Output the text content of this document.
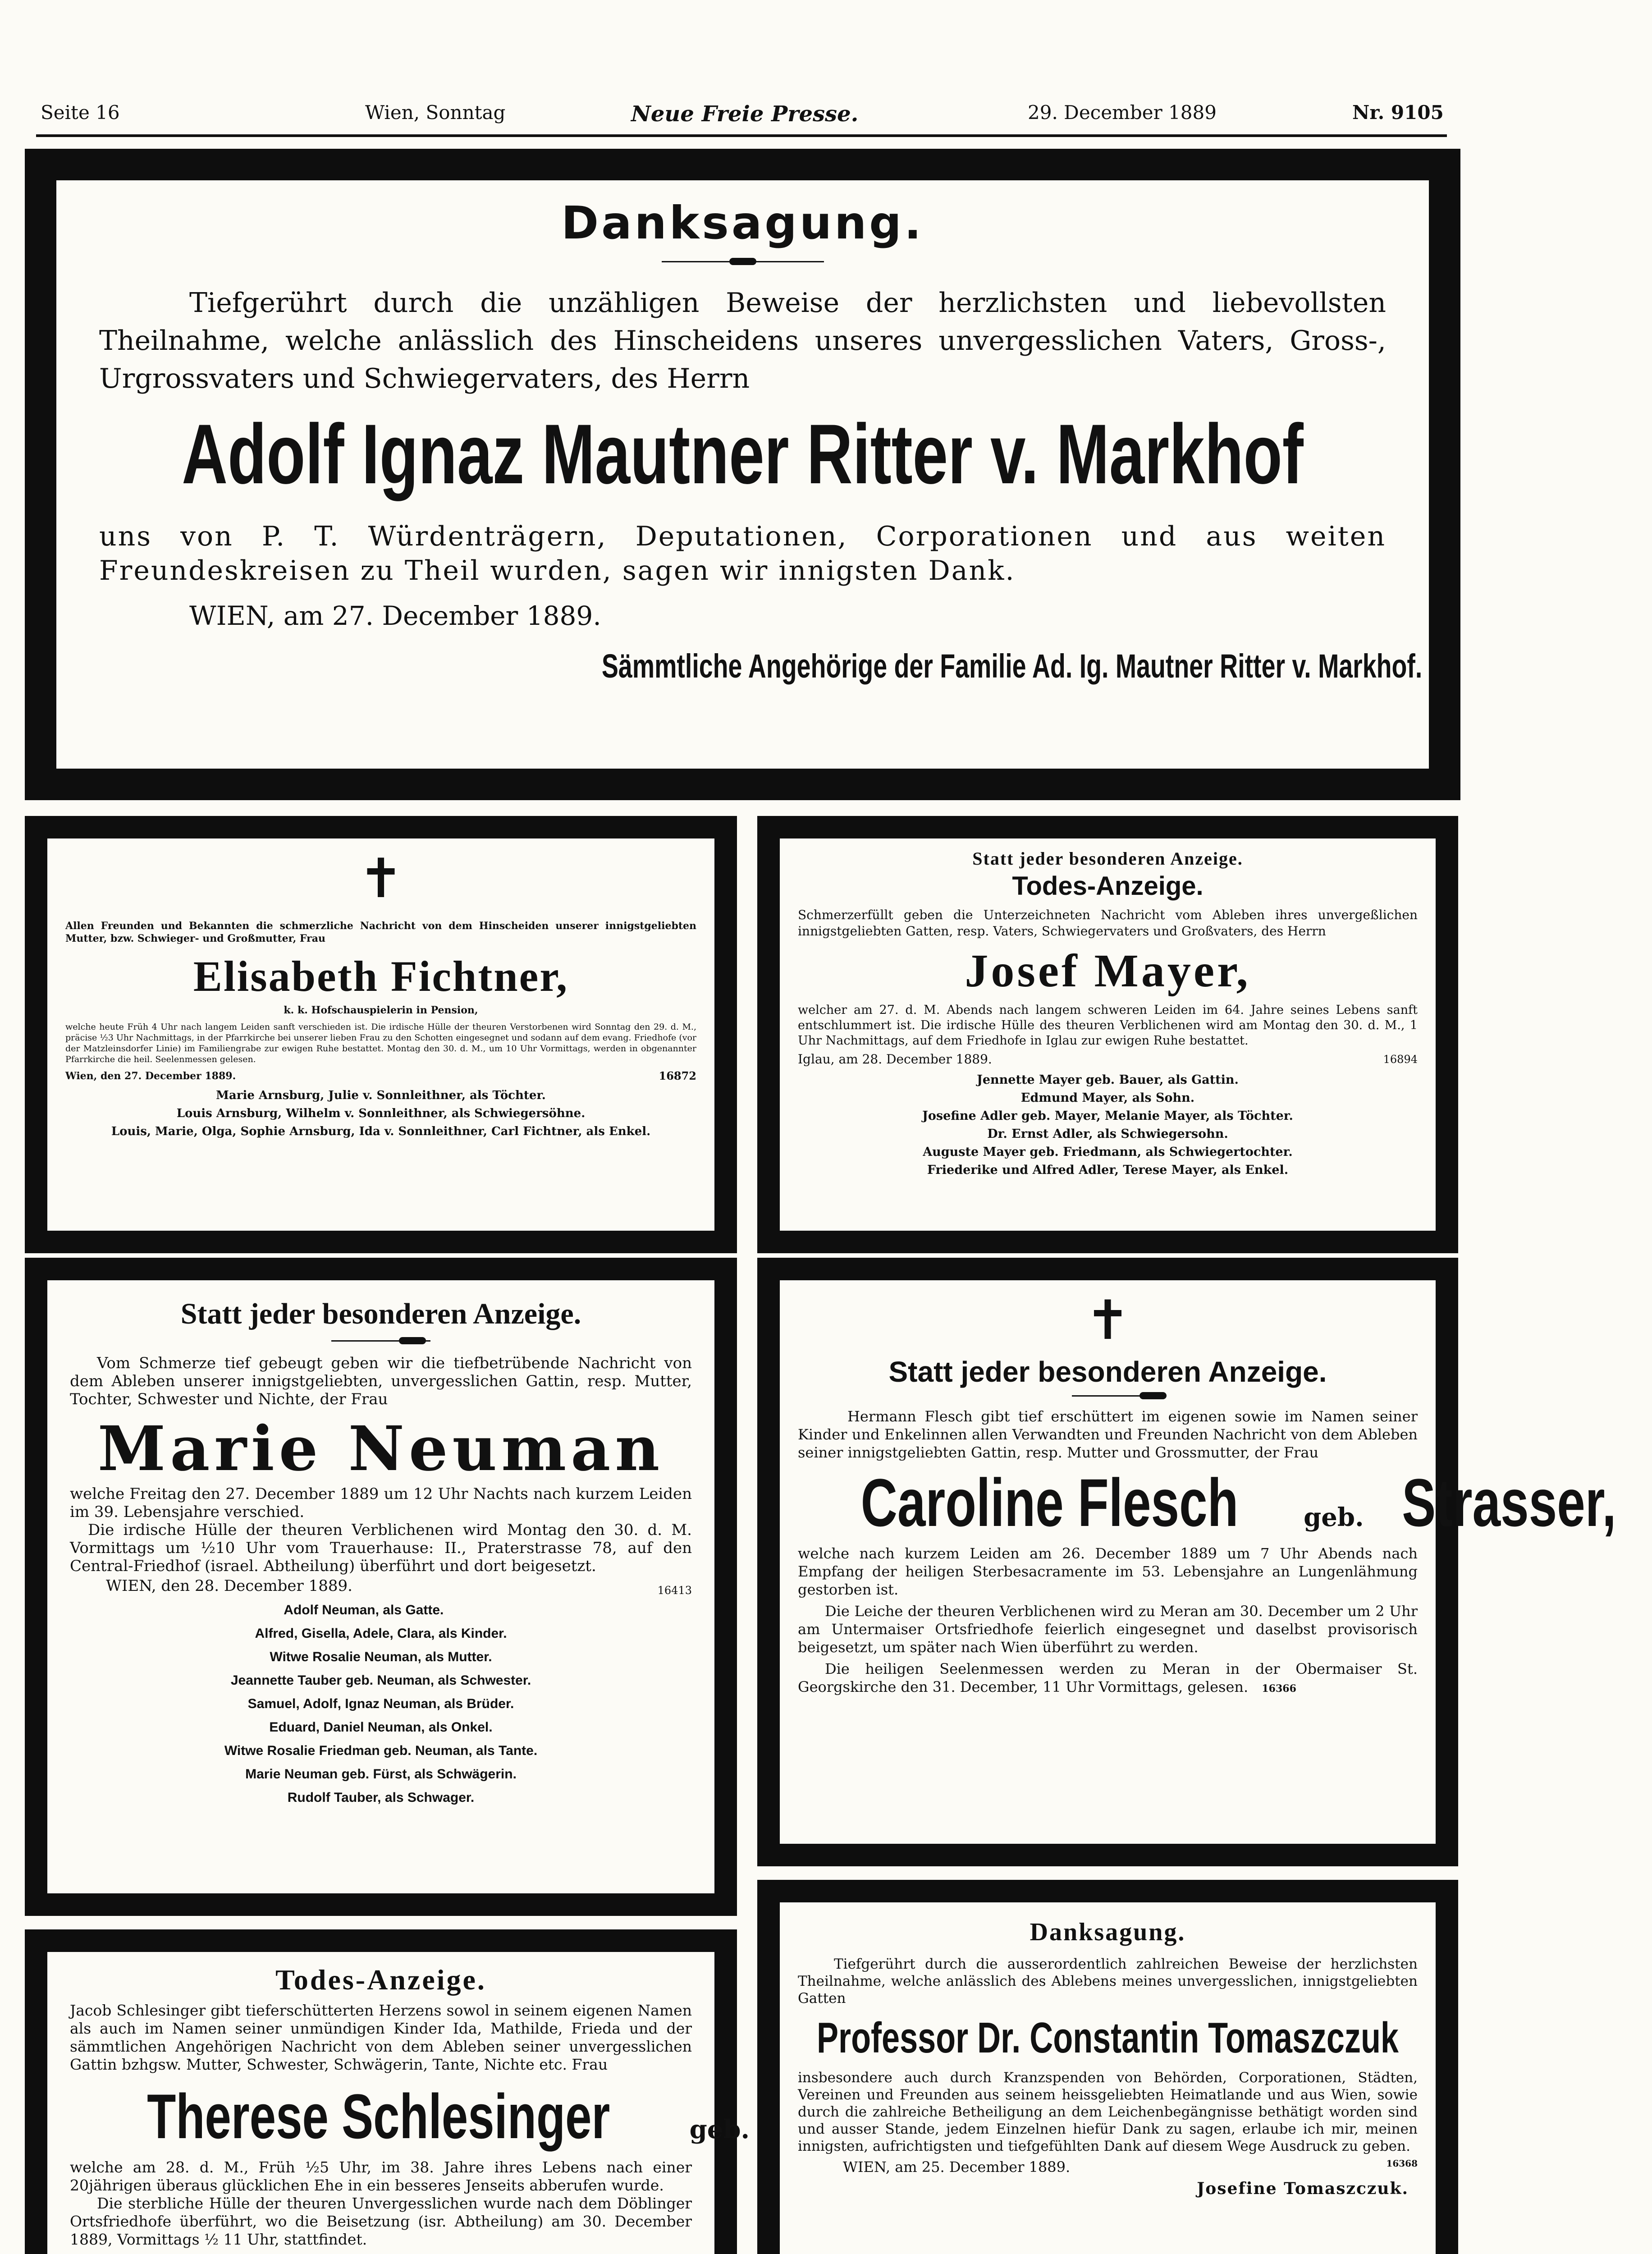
Seite 16	Wien, Sonntag	Neue Freie Presse.	29. December 1889	Nr. 9105
Danksagung.

Tiefgerührt durch die unzähligen Beweise der herzlichsten und liebevollsten Theilnahme, welche anlässlich des Hinscheidens unseres unvergesslichen Vaters, Gross-, Urgrossvaters und Schwiegervaters, des Herrn

Adolf Ignaz Mautner Ritter v. Markhof

uns von P. T. Würdenträgern, Deputationen, Corporationen und aus weiten Freundeskreisen zu Theil wurden, sagen wir innigsten Dank.

WIEN, am 27. December 1889.

Sämmtliche Angehörige der Familie Ad. Ig. Mautner Ritter v. Markhof.
✝

Allen Freunden und Bekannten die schmerzliche Nachricht von dem Hinscheiden unserer innigstgeliebten Mutter, bzw. Schwieger- und Großmutter, Frau

Elisabeth Fichtner,
k. k. Hofschauspielerin in Pension,

welche heute Früh 4 Uhr nach langem Leiden sanft verschieden ist. Die irdische Hülle der theuren Verstorbenen wird Sonntag den 29. d. M., präcise ½3 Uhr Nachmittags, in der Pfarrkirche bei unserer lieben Frau zu den Schotten eingesegnet und sodann auf dem evang. Friedhofe (vor der Matzleinsdorfer Linie) im Familiengrabe zur ewigen Ruhe bestattet. Montag den 30. d. M., um 10 Uhr Vormittags, werden in obgenannter Pfarrkirche die heil. Seelenmessen gelesen.

Wien, den 27. December 1889.	16872
Marie Arnsburg, Julie v. Sonnleithner, als Töchter.
Louis Arnsburg, Wilhelm v. Sonnleithner, als Schwiegersöhne.
Louis, Marie, Olga, Sophie Arnsburg, Ida v. Sonnleithner, Carl Fichtner, als Enkel.
Statt jeder besonderen Anzeige.
Todes-Anzeige.

Schmerzerfüllt geben die Unterzeichneten Nachricht vom Ableben ihres unvergeßlichen innigstgeliebten Gatten, resp. Vaters, Schwiegervaters und Großvaters, des Herrn

Josef Mayer,

welcher am 27. d. M. Abends nach langem schweren Leiden im 64. Jahre seines Lebens sanft entschlummert ist. Die irdische Hülle des theuren Verblichenen wird am Montag den 30. d. M., 1 Uhr Nachmittags, auf dem Friedhofe in Iglau zur ewigen Ruhe bestattet.

Iglau, am 28. December 1889.	16894
Jennette Mayer geb. Bauer, als Gattin.
Edmund Mayer, als Sohn.
Josefine Adler geb. Mayer, Melanie Mayer, als Töchter.
Dr. Ernst Adler, als Schwiegersohn.
Auguste Mayer geb. Friedmann, als Schwiegertochter.
Friederike und Alfred Adler, Terese Mayer, als Enkel.
Statt jeder besonderen Anzeige.

Vom Schmerze tief gebeugt geben wir die tiefbetrübende Nachricht von dem Ableben unserer innigstgeliebten, unvergesslichen Gattin, resp. Mutter, Tochter, Schwester und Nichte, der Frau

Marie Neuman

welche Freitag den 27. December 1889 um 12 Uhr Nachts nach kurzem Leiden im 39. Lebensjahre verschied.

Die irdische Hülle der theuren Verblichenen wird Montag den 30. d. M. Vormittags um ½10 Uhr vom Trauerhause: II., Praterstrasse 78, auf den Central-Friedhof (israel. Abtheilung) überführt und dort beigesetzt.

WIEN, den 28. December 1889.	16413
Adolf Neuman, als Gatte.
Alfred, Gisella, Adele, Clara, als Kinder.
Witwe Rosalie Neuman, als Mutter.
Jeannette Tauber geb. Neuman, als Schwester.
Samuel, Adolf, Ignaz Neuman, als Brüder.
Eduard, Daniel Neuman, als Onkel.
Witwe Rosalie Friedman geb. Neuman, als Tante.
Marie Neuman geb. Fürst, als Schwägerin.
Rudolf Tauber, als Schwager.
✝
Statt jeder besonderen Anzeige.

Hermann Flesch gibt tief erschüttert im eigenen sowie im Namen seiner Kinder und Enkelinnen allen Verwandten und Freunden Nachricht von dem Ableben seiner innigstgeliebten Gattin, resp. Mutter und Grossmutter, der Frau

Caroline Flesch	geb. Strasser,

welche nach kurzem Leiden am 26. December 1889 um 7 Uhr Abends nach Empfang der heiligen Sterbesacramente im 53. Lebensjahre an Lungenlähmung gestorben ist.

Die Leiche der theuren Verblichenen wird zu Meran am 30. December um 2 Uhr am Untermaiser Ortsfriedhofe feierlich eingesegnet und daselbst provisorisch beigesetzt, um später nach Wien überführt zu werden.

Die heiligen Seelenmessen werden zu Meran in der Obermaiser St. Georgskirche den 31. December, 11 Uhr Vormittags, gelesen. 16366

Todes-Anzeige.

Jacob Schlesinger gibt tieferschütterten Herzens sowol in seinem eigenen Namen als auch im Namen seiner unmündigen Kinder Ida, Mathilde, Frieda und der sämmtlichen Angehörigen Nachricht von dem Ableben seiner unvergesslichen Gattin bzhgsw. Mutter, Schwester, Schwägerin, Tante, Nichte etc. Frau

Therese Schlesinger	geb.

welche am 28. d. M., Früh ½5 Uhr, im 38. Jahre ihres Lebens nach einer 20jährigen überaus glücklichen Ehe in ein besseres Jenseits abberufen wurde.

Die sterbliche Hülle der theuren Unvergesslichen wurde nach dem Döblinger Ortsfriedhofe überführt, wo die Beisetzung (isr. Abtheilung) am 30. December 1889, Vormittags ½ 11 Uhr, stattfindet.

Danksagung.

Tiefgerührt durch die ausserordentlich zahlreichen Beweise der herzlichsten Theilnahme, welche anlässlich des Ablebens meines unvergesslichen, innigstgeliebten Gatten

Professor Dr. Constantin Tomaszczuk

insbesondere auch durch Kranzspenden von Behörden, Corporationen, Städten, Vereinen und Freunden aus seinem heissgeliebten Heimatlande und aus Wien, sowie durch die zahlreiche Betheiligung an dem Leichenbegängnisse bethätigt worden sind und ausser Stande, jedem Einzelnen hiefür Dank zu sagen, erlaube ich mir, meinen innigsten, aufrichtigsten und tiefgefühlten Dank auf diesem Wege Ausdruck zu geben.
16368

WIEN, am 25. December 1889.

Josefine Tomaszczuk.
